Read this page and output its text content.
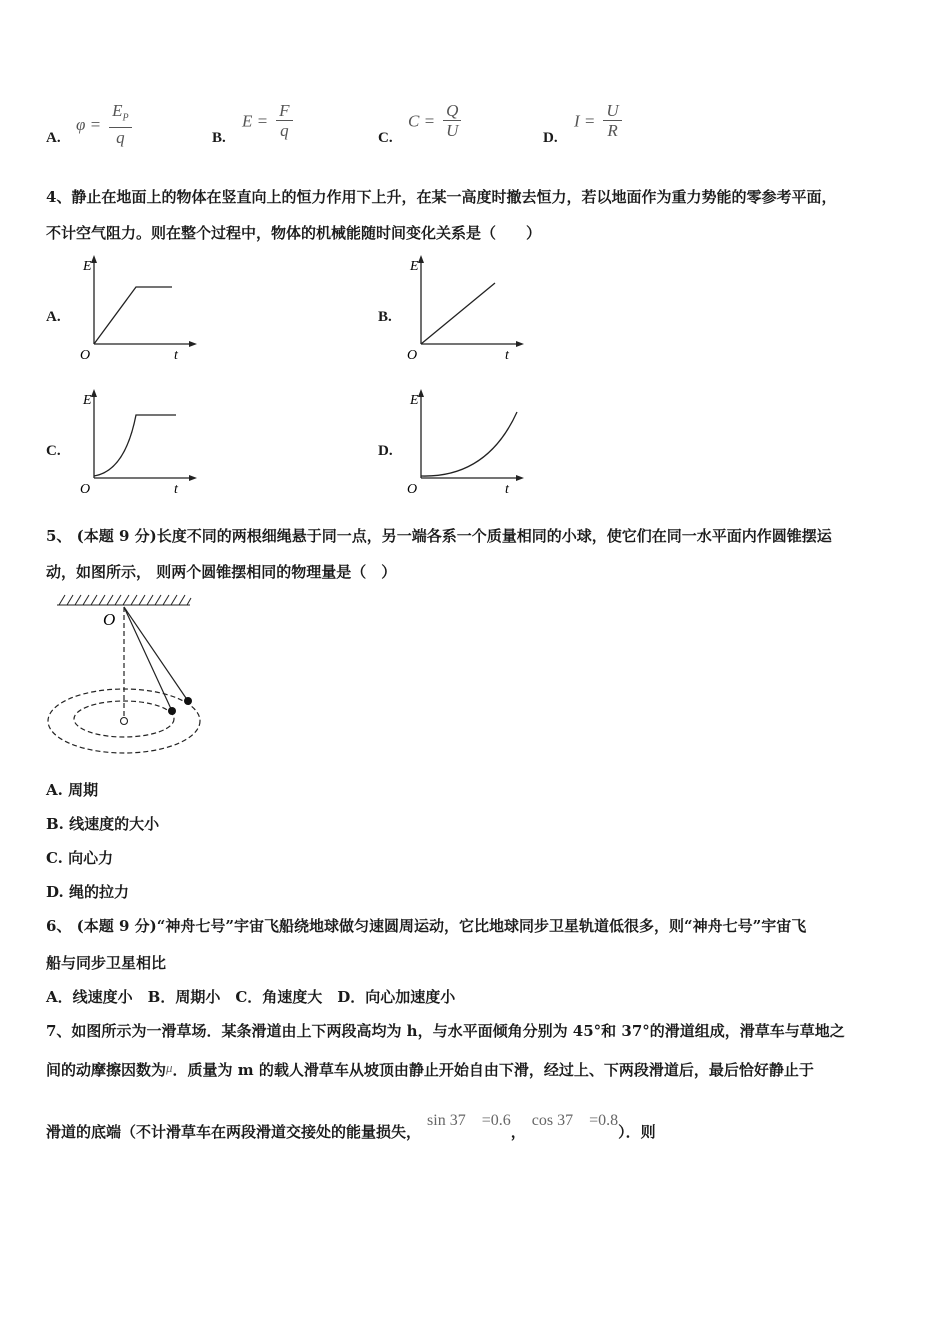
A.
$\varphi = \frac{E_P}{q}$	B.
$E = \frac{F}{q}$	C.
$C = \frac{Q}{U}$	D.
$I = \frac{U}{R}$
4、静止在地面上的物体在竖直向上的恒力作用下上升，在某一高度时撤去恒力，若以地面作为重力势能的零参考平面，
不计空气阻力。则在整个过程中，物体的机械能随时间变化关系是（　　）
A.
E
O	t
B.
E
O	t
C.
E
O	t
D.
E
O	t
5、 (本题 9 分)长度不同的两根细绳悬于同一点，另一端各系一个质量相同的小球，使它们在同一水平面内作圆锥摆运
动，如图所示， 则两个圆锥摆相同的物理量是（　）
O
A. 周期
B. 线速度的大小
C. 向心力
D. 绳的拉力
6、 (本题 9 分)“神舟七号”宇宙飞船绕地球做匀速圆周运动，它比地球同步卫星轨道低很多，则“神舟七号”宇宙飞
船与同步卫星相比
A．线速度小　B．周期小　C．角速度大　D．向心加速度小
7、如图所示为一滑草场．某条滑道由上下两段高均为 h，与水平面倾角分别为 45°和 37°的滑道组成，滑草车与草地之
间的动摩擦因数为μ．质量为 m 的载人滑草车从坡顶由静止开始自由下滑，经过上、下两段滑道后，最后恰好静止于
滑道的底端（不计滑草车在两段滑道交接处的能量损失，sin 37　=0.6，cos 37　=0.8）．则
